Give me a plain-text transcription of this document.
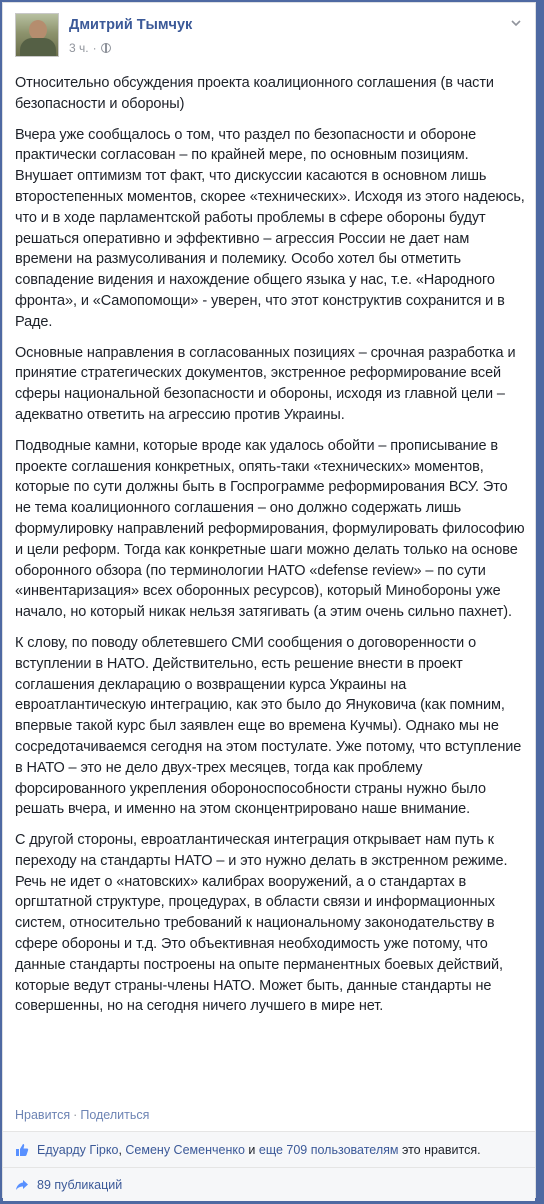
Дмитрий Тымчук
3 ч. ·

Относительно обсуждения проекта коалиционного соглашения (в части безопасности и обороны)

Вчера уже сообщалось о том, что раздел по безопасности и обороне практически согласован – по крайней мере, по основным позициям. Внушает оптимизм тот факт, что дискуссии касаются в основном лишь второстепенных моментов, скорее «технических». Исходя из этого надеюсь, что и в ходе парламентской работы проблемы в сфере обороны будут решаться оперативно и эффективно – агрессия России не дает нам времени на размусоливания и полемику. Особо хотел бы отметить совпадение видения и нахождение общего языка у нас, т.е. «Народного фронта», и «Самопомощи» - уверен, что этот конструктив сохранится и в Раде.

Основные направления в согласованных позициях – срочная разработка и принятие стратегических документов, экстренное реформирование всей сферы национальной безопасности и обороны, исходя из главной цели – адекватно ответить на агрессию против Украины.

Подводные камни, которые вроде как удалось обойти – прописывание в проекте соглашения конкретных, опять-таки «технических» моментов, которые по сути должны быть в Госпрограмме реформирования ВСУ. Это не тема коалиционного соглашения – оно должно содержать лишь формулировку направлений реформирования, формулировать философию и цели реформ. Тогда как конкретные шаги можно делать только на основе оборонного обзора (по терминологии НАТО «defense review» – по сути «инвентаризация» всех оборонных ресурсов), который Минобороны уже начало, но который никак нельзя затягивать (а этим очень сильно пахнет).

К слову, по поводу облетевшего СМИ сообщения о договоренности о вступлении в НАТО. Действительно, есть решение внести в проект соглашения декларацию о возвращении курса Украины на евроатлантическую интеграцию, как это было до Януковича (как помним, впервые такой курс был заявлен еще во времена Кучмы). Однако мы не сосредотачиваемся сегодня на этом постулате. Уже потому, что вступление в НАТО – это не дело двух-трех месяцев, тогда как проблему форсированного укрепления обороноспособности страны нужно было решать вчера, и именно на этом сконцентрировано наше внимание.

С другой стороны, евроатлантическая интеграция открывает нам путь к переходу на стандарты НАТО – и это нужно делать в экстренном режиме. Речь не идет о «натовских» калибрах вооружений, а о стандартах в оргштатной структуре, процедурах, в области связи и информационных систем, относительно требований к национальному законодательству в сфере обороны и т.д. Это объективная необходимость уже потому, что данные стандарты построены на опыте перманентных боевых действий, которые ведут страны-члены НАТО. Может быть, данные стандарты не совершенны, но на сегодня ничего лучшего в мире нет.

Нравится · Поделиться
Едуарду Гірко ,
Семену Семенченко
и
еще 709 пользователям
это нравится.
89 публикаций
